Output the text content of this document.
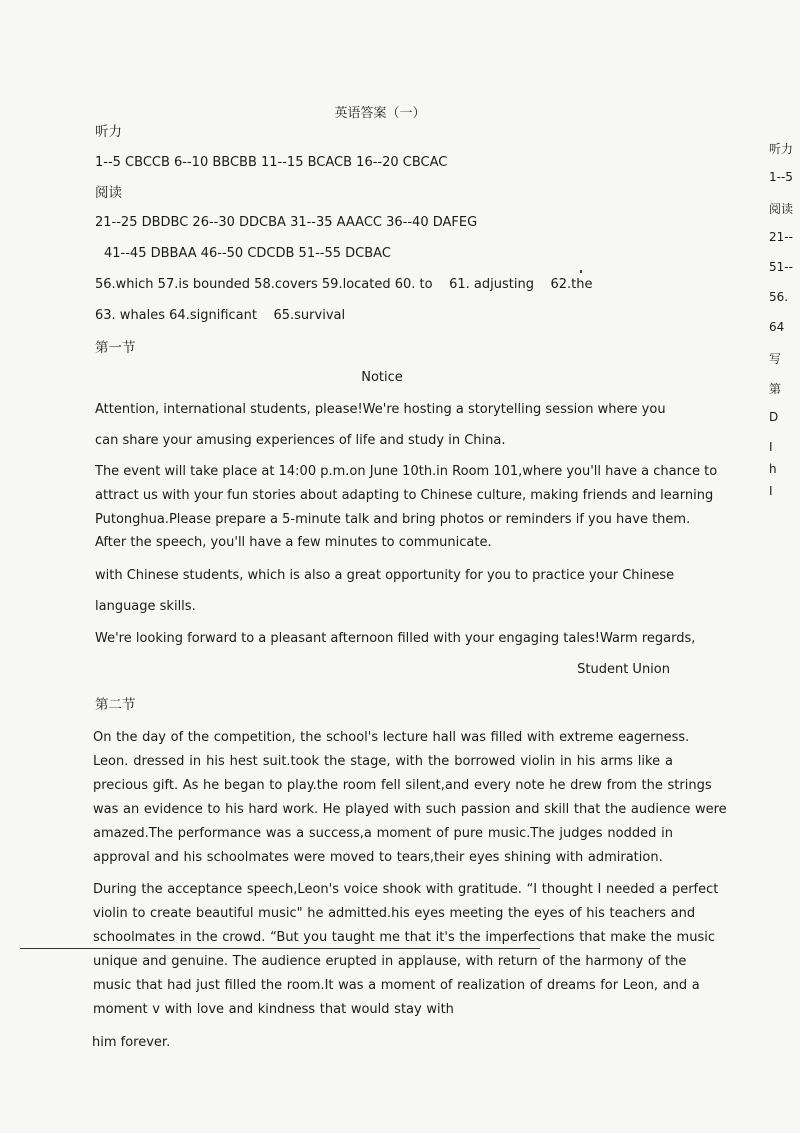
英语答案（一）
听力
1--5 CBCCB 6--10 BBCBB 11--15 BCACB 16--20 CBCAC
阅读
21--25 DBDBC 26--30 DDCBA 31--35 AAACC 36--40 DAFEG
41--45 DBBAA 46--50 CDCDB 51--55 DCBAC
56.which 57.is bounded 58.covers 59.located 60. to    61. adjusting    62.the
63. whales 64.significant    65.survival
第一节
Notice
Attention, international students, please!We're hosting a storytelling session where you
can share your amusing experiences of life and study in China.
The event will take place at 14:00 p.m.on June 10th.in Room 101,where you'll have a chance to
attract us with your fun stories about adapting to Chinese culture, making friends and learning
Putonghua.Please prepare a 5-minute talk and bring photos or reminders if you have them.
After the speech, you'll have a few minutes to communicate.
with Chinese students, which is also a great opportunity for you to practice your Chinese
language skills.
We're looking forward to a pleasant afternoon filled with your engaging tales!Warm regards,
Student Union
第二节
On the day of the competition, the school's lecture hall was filled with extreme eagerness.
Leon. dressed in his hest suit.took the stage, with the borrowed violin in his arms like a
precious gift. As he began to play.the room fell silent,and every note he drew from the strings
was an evidence to his hard work. He played with such passion and skill that the audience were
amazed.The performance was a success,a moment of pure music.The judges nodded in
approval and his schoolmates were moved to tears,their eyes shining with admiration.
During the acceptance speech,Leon's voice shook with gratitude. “I thought I needed a perfect
violin to create beautiful music" he admitted.his eyes meeting the eyes of his teachers and
schoolmates in the crowd. “But you taught me that it's the imperfections that make the music
unique and genuine. The audience erupted in applause, with return of the harmony of the
music that had just filled the room.It was a moment of realization of dreams for Leon, and a
moment v with love and kindness that would stay with
him forever.
听力
1--5
阅读
21--
51--
56.
64
写
第
D
I
h
I
